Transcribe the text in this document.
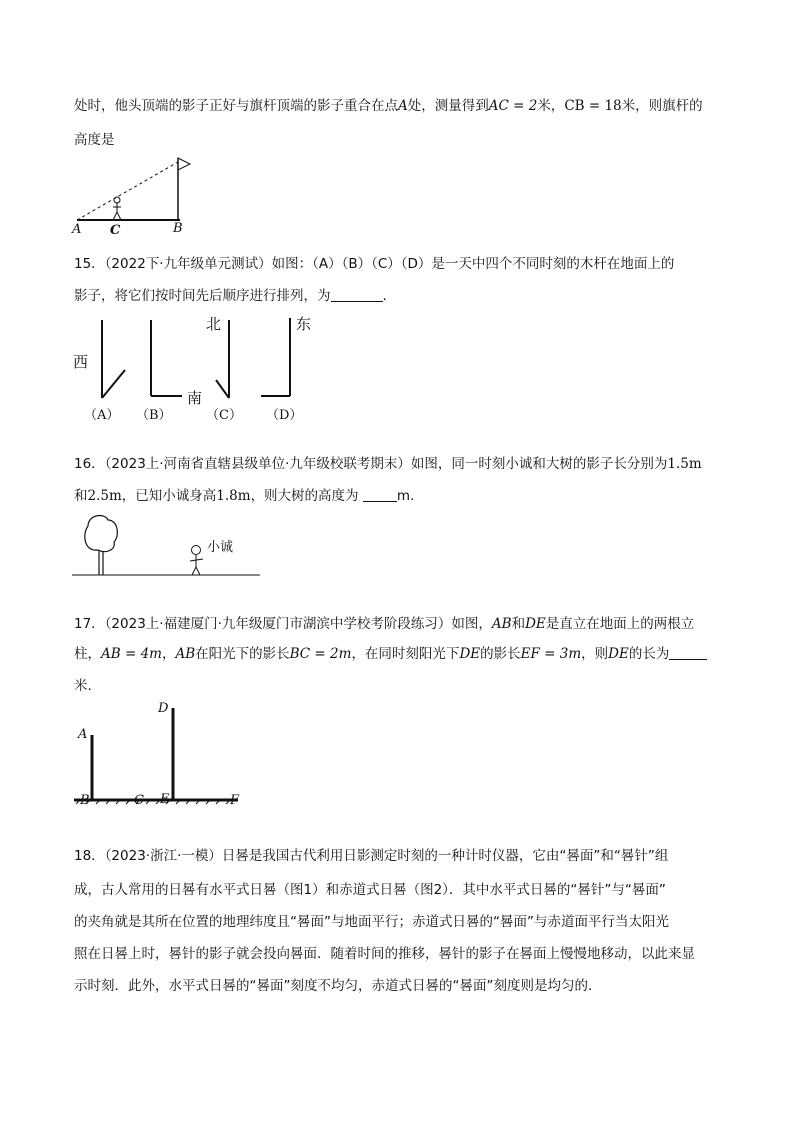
处时，他头顶端的影子正好与旗杆顶端的影子重合在点A处，测量得到AC = 2米，CB = 18米，则旗杆的
高度是
A C	B
15．（2022下·九年级单元测试）如图：（A）（B）（C）（D）是一天中四个不同时刻的木杆在地面上的
影子，将它们按时间先后顺序进行排列，为	.
西
南
北	东
（A） （B）	（C） （D）
16．（2023上·河南省直辖县级单位·九年级校联考期末）如图，同一时刻小诚和大树的影子长分别为1.5m
和2.5m，已知小诚身高1.8m，则大树的高度为	m.
小诚
17．（2023上·福建厦门·九年级厦门市湖滨中学校考阶段练习）如图，AB和DE是直立在地面上的两根立
柱，AB = 4m，AB在阳光下的影长BC = 2m，在同时刻阳光下DE的影长EF = 3m，则DE的长为
米.
A
B	C
D
E	F
18．（2023·浙江·一模）日晷是我国古代利用日影测定时刻的一种计时仪器，它由“晷面”和“晷针”组
成，古人常用的日晷有水平式日晷（图1）和赤道式日晷（图2）．其中水平式日晷的“晷针”与“晷面”
的夹角就是其所在位置的地理纬度且“晷面”与地面平行；赤道式日晷的“晷面”与赤道面平行当太阳光
照在日晷上时，晷针的影子就会投向晷面．随着时间的推移，晷针的影子在晷面上慢慢地移动，以此来显
示时刻．此外，水平式日晷的“晷面”刻度不均匀，赤道式日晷的“晷面”刻度则是均匀的．
